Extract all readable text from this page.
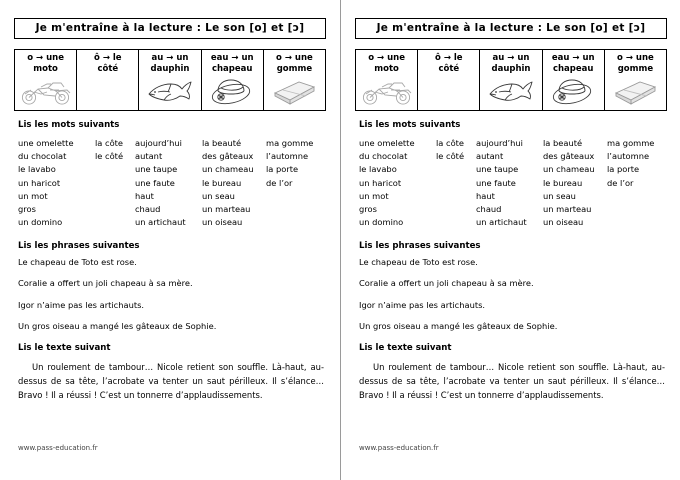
Je m'entraîne à la lecture : Le son [o] et [ɔ]
o → une
moto
ô → le
côté
au → un
dauphin
eau → un
chapeau
o → une
gomme
Lis les mots suivants
une omelette
du chocolat
le lavabo
un haricot
un mot
gros
un domino
la côte
le côté
aujourd’hui
autant
une taupe
une faute
haut
chaud
un artichaut
la beauté
des gâteaux
un chameau
le bureau
un seau
un marteau
un oiseau
ma gomme
l’automne
la porte
de l’or
Lis les phrases suivantes
Le chapeau de Toto est rose.
Coralie a offert un joli chapeau à sa mère.
Igor n’aime pas les artichauts.
Un gros oiseau a mangé les gâteaux de Sophie.
Lis le texte suivant
Un roulement de tambour… Nicole retient son souffle. Là-haut, au-dessus de sa tête, l’acrobate va tenter un saut périlleux. Il s’élance… Bravo ! Il a réussi ! C’est un tonnerre d’applaudissements.
www.pass-education.fr
Je m'entraîne à la lecture : Le son [o] et [ɔ]
o → une
moto
ô → le
côté
au → un
dauphin
eau → un
chapeau
o → une
gomme
Lis les mots suivants
une omelette
du chocolat
le lavabo
un haricot
un mot
gros
un domino
la côte
le côté
aujourd’hui
autant
une taupe
une faute
haut
chaud
un artichaut
la beauté
des gâteaux
un chameau
le bureau
un seau
un marteau
un oiseau
ma gomme
l’automne
la porte
de l’or
Lis les phrases suivantes
Le chapeau de Toto est rose.
Coralie a offert un joli chapeau à sa mère.
Igor n’aime pas les artichauts.
Un gros oiseau a mangé les gâteaux de Sophie.
Lis le texte suivant
Un roulement de tambour… Nicole retient son souffle. Là-haut, au-dessus de sa tête, l’acrobate va tenter un saut périlleux. Il s’élance… Bravo ! Il a réussi ! C’est un tonnerre d’applaudissements.
www.pass-education.fr
